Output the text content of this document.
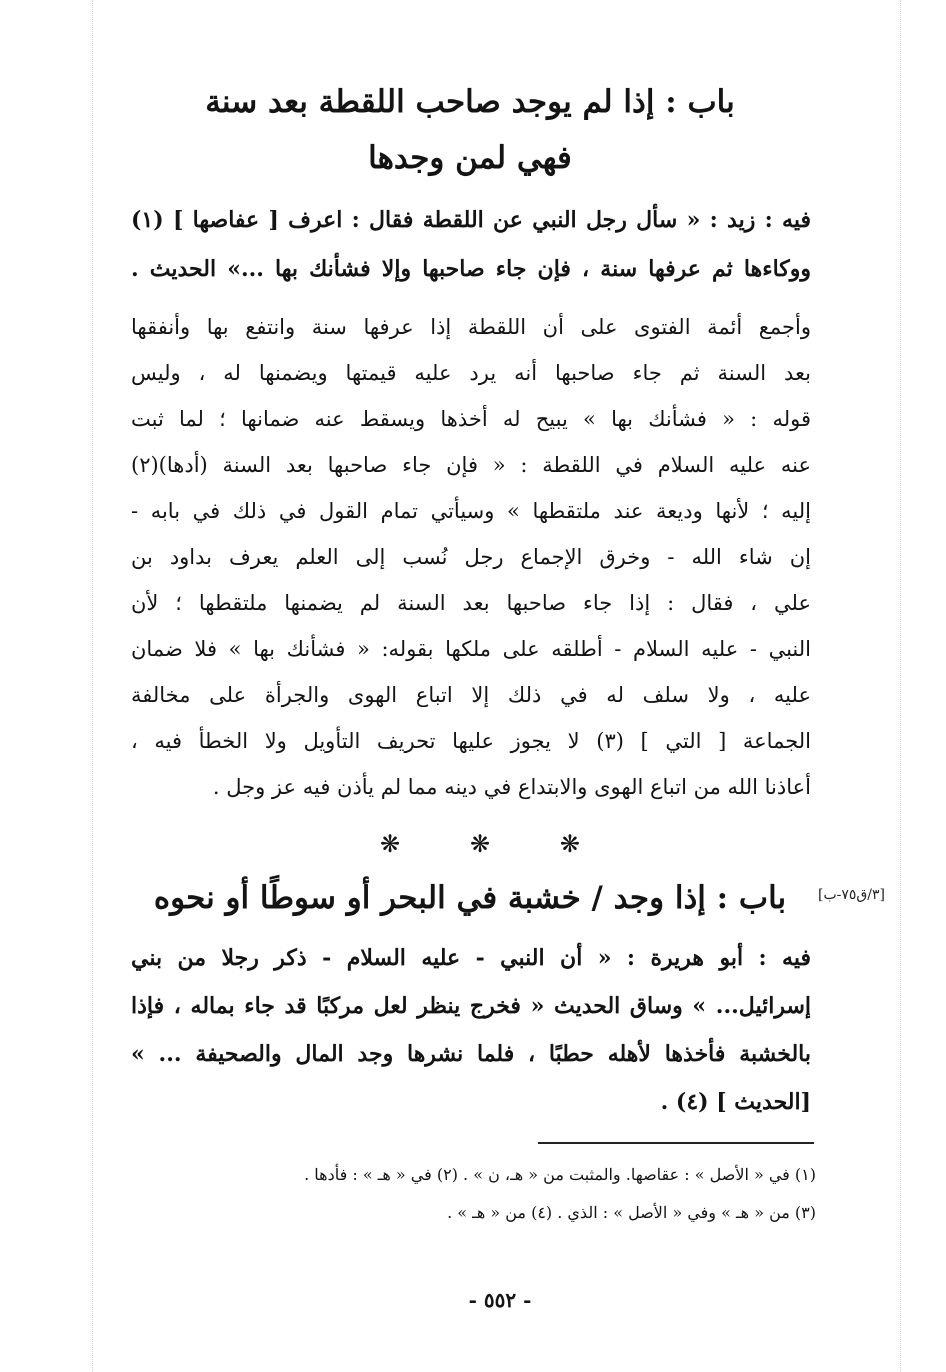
باب : إذا لم يوجد صاحب اللقطة بعد سنة
فهي لمن وجدها
فيه : زيد : « سأل رجل النبي عن اللقطة فقال : اعرف [ عفاصها ] (١)
ووكاءها ثم عرفها سنة ، فإن جاء صاحبها وإلا فشأنك بها ...» الحديث .
وأجمع أئمة الفتوى على أن اللقطة إذا عرفها سنة وانتفع بها وأنفقها
بعد السنة ثم جاء صاحبها أنه يرد عليه قيمتها ويضمنها له ، وليس
قوله : « فشأنك بها » يبيح له أخذها ويسقط عنه ضمانها ؛ لما ثبت
عنه عليه السلام في اللقطة : « فإن جاء صاحبها بعد السنة (أدها)(٢)
إليه ؛ لأنها وديعة عند ملتقطها » وسيأتي تمام القول في ذلك في بابه -
إن شاء الله - وخرق الإجماع رجل نُسب إلى العلم يعرف بداود بن
علي ، فقال : إذا جاء صاحبها بعد السنة لم يضمنها ملتقطها ؛ لأن
النبي - عليه السلام - أطلقه على ملكها بقوله: « فشأنك بها » فلا ضمان
عليه ، ولا سلف له في ذلك إلا اتباع الهوى والجرأة على مخالفة
الجماعة [ التي ] (٣) لا يجوز عليها تحريف التأويل ولا الخطأ فيه ،
أعاذنا الله من اتباع الهوى والابتداع في دينه مما لم يأذن فيه عز وجل .
❋	❋	❋
[٣/ق٧٥-ب]
باب : إذا وجد / خشبة في البحر أو سوطًا أو نحوه
فيه : أبو هريرة : « أن النبي - عليه السلام - ذكر رجلا من بني
إسرائيل... » وساق الحديث « فخرج ينظر لعل مركبًا قد جاء بماله ، فإذا
بالخشبة فأخذها لأهله حطبًا ، فلما نشرها وجد المال والصحيفة ... »
[الحديث ] (٤) .
(١) في « الأصل » : عقاصها. والمثبت من « هـ، ن » . (٢) في « هـ » : فأدها .
(٣) من « هـ » وفي « الأصل » : الذي . (٤) من « هـ » .
- ٥٥٢ -
